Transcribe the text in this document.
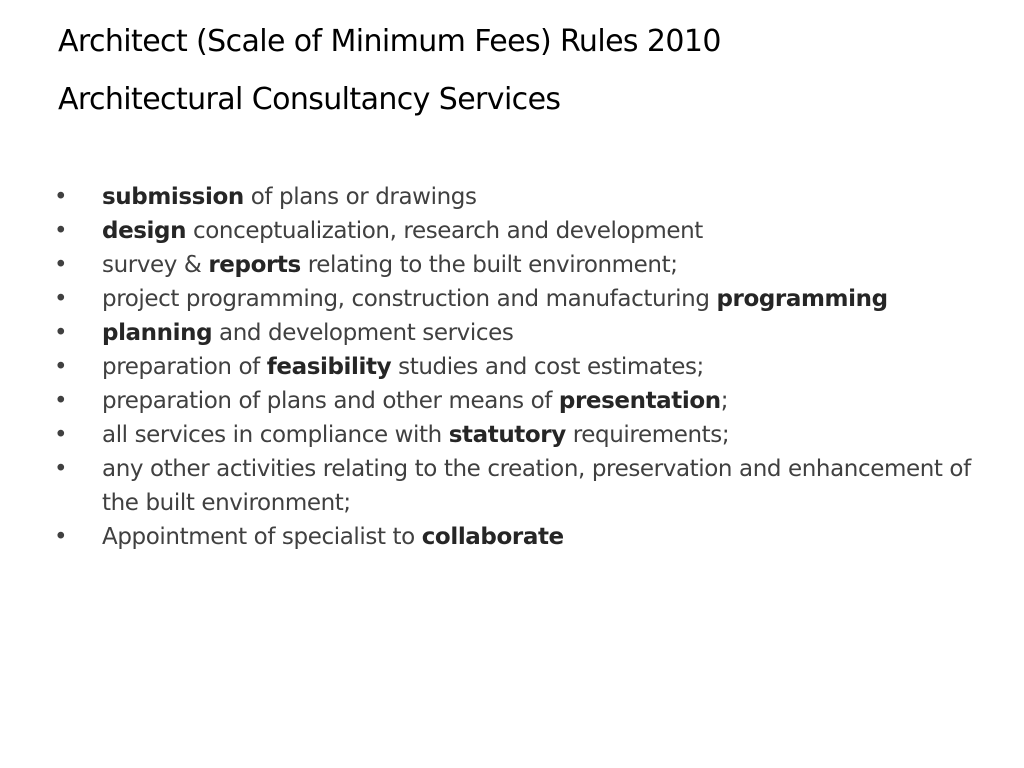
Architect (Scale of Minimum Fees) Rules 2010
Architectural Consultancy Services
• submission of plans or drawings
• design conceptualization, research and development
• survey & reports relating to the built environment;
• project programming, construction and manufacturing programming
• planning and development services
• preparation of feasibility studies and cost estimates;
• preparation of plans and other means of presentation;
• all services in compliance with statutory requirements;
• any other activities relating to the creation, preservation and enhancement of the built environment;
• Appointment of specialist to collaborate
